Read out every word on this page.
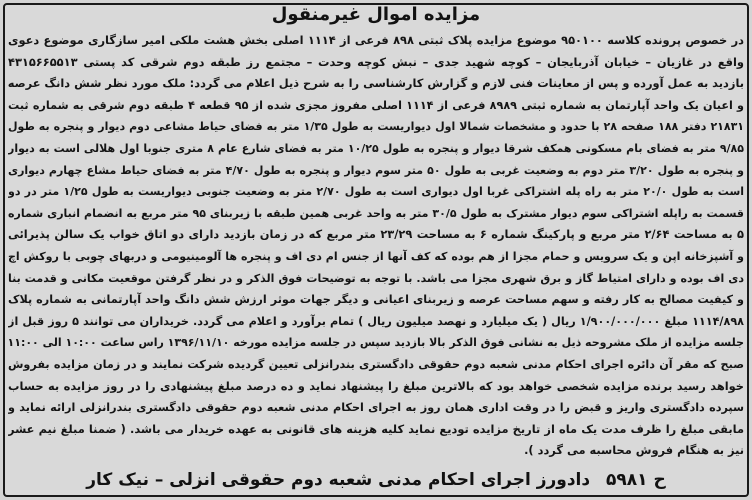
مزایده اموال غیرمنقول

در خصوص پرونده کلاسه ۹۵۰۱۰۰ موضوع مزایده پلاک ثبتی ۸۹۸ فرعی از ۱۱۱۴ اصلی بخش هشت ملکی امیر سازگاری موضوع دعوی

واقع در غازیان – خیابان آذربایجان – کوچه شهید جدی – نبش کوچه وحدت – مجتمع رز طبقه دوم شرقی کد پستی ۴۳۱۵۶۶۵۵۱۳

بازدید به عمل آورده و پس از معاینات فنی لازم و گزارش کارشناسی را به شرح ذیل اعلام می گردد: ملک مورد نظر شش دانگ عرصه

و اعیان یک واحد آپارتمان به شماره ثبتی ۸۹۸۹ فرعی از ۱۱۱۴ اصلی مفروز مجزی شده از ۹۵ قطعه ۴ طبقه دوم شرقی به شماره ثبت

۲۱۸۳۱ دفتر ۱۸۸ صفحه ۲۸ با حدود و مشخصات شمالا اول دیواریست به طول ۱/۳۵ متر به فضای حیاط مشاعی دوم دیوار و پنجره به طول

۹/۸۵ متر به فضای بام مسکونی همکف شرقا دیوار و پنجره به طول ۱۰/۲۵ متر به فضای شارع عام ۸ متری جنوبا اول هلالی است به دیوار

و پنجره به طول ۳/۲۰ متر دوم به وضعیت غربی به طول ۵۰ متر سوم دیوار و پنجره به طول ۴/۷۰ متر به فضای حیاط مشاع چهارم دیواری

است به طول ۲۰/۰ متر به راه پله اشتراکی غربا اول دیواری است به طول ۲/۷۰ متر به وضعیت جنوبی دیواریست به طول ۱/۲۵ متر در دو

قسمت به راپله اشتراکی سوم دیوار مشترک به طول ۳۰/۵ متر به واحد غربی همین طبقه با زیربنای ۹۵ متر مربع به انضمام انباری شماره

۵ به مساحت ۲/۶۴ متر مربع و پارکینگ شماره ۶ به مساحت ۲۳/۲۹ متر مربع که در زمان بازدید دارای دو اتاق خواب یک سالن پذیرائی

و آشپزخانه اپن و یک سرویس و حمام مجزا از هم بوده که کف آنها از جنس ام دی اف و پنجره ها آلومینیومی و دربهای چوبی با روکش اچ

دی اف بوده و دارای امتیاط گاز و برق شهری مجزا می باشد. با توجه به توضیحات فوق الذکر و در نظر گرفتن موقعیت مکانی و قدمت بنا

و کیفیت مصالح به کار رفته و سهم مساحت عرصه و زیربنای اعیانی و دیگر جهات موثر ارزش شش دانگ واحد آپارتمانی به شماره پلاک

۱۱۱۴/۸۹۸ مبلغ ۱/۹۰۰/۰۰۰/۰۰۰ ریال ( یک میلیارد و نهصد میلیون ریال ) تمام برآورد و اعلام می گردد. خریداران می توانند ۵ روز قبل از

جلسه مزایده از ملک مشروحه ذیل به نشانی فوق الذکر بالا بازدید سپس در جلسه مزایده مورخه ۱۳۹۶/۱۱/۱۰ راس ساعت ۱۰:۰۰ الی ۱۱:۰۰

صبح که مقر آن دائره اجرای احکام مدنی شعبه دوم حقوقی دادگستری بندرانزلی تعیین گردیده شرکت نمایند و در زمان مزایده بفروش

خواهد رسید برنده مزایده شخصی خواهد بود که بالاترین مبلغ را پیشنهاد نماید و ده درصد مبلغ پیشنهادی را در روز مزایده به حساب

سپرده دادگستری واریز و قبض را در وقت اداری همان روز به اجرای احکام مدنی شعبه دوم حقوقی دادگستری بندرانزلی ارائه نماید و

مابقی مبلغ را ظرف مدت یک ماه از تاریخ مزایده تودیع نماید کلیه هزینه های قانونی به عهده خریدار می باشد. ( ضمنا مبلغ نیم عشر

نیز به هنگام فروش محاسبه می گردد ).

ح ۵۹۸۱ دادورز اجرای احکام مدنی شعبه دوم حقوقی انزلی – نیک کار
